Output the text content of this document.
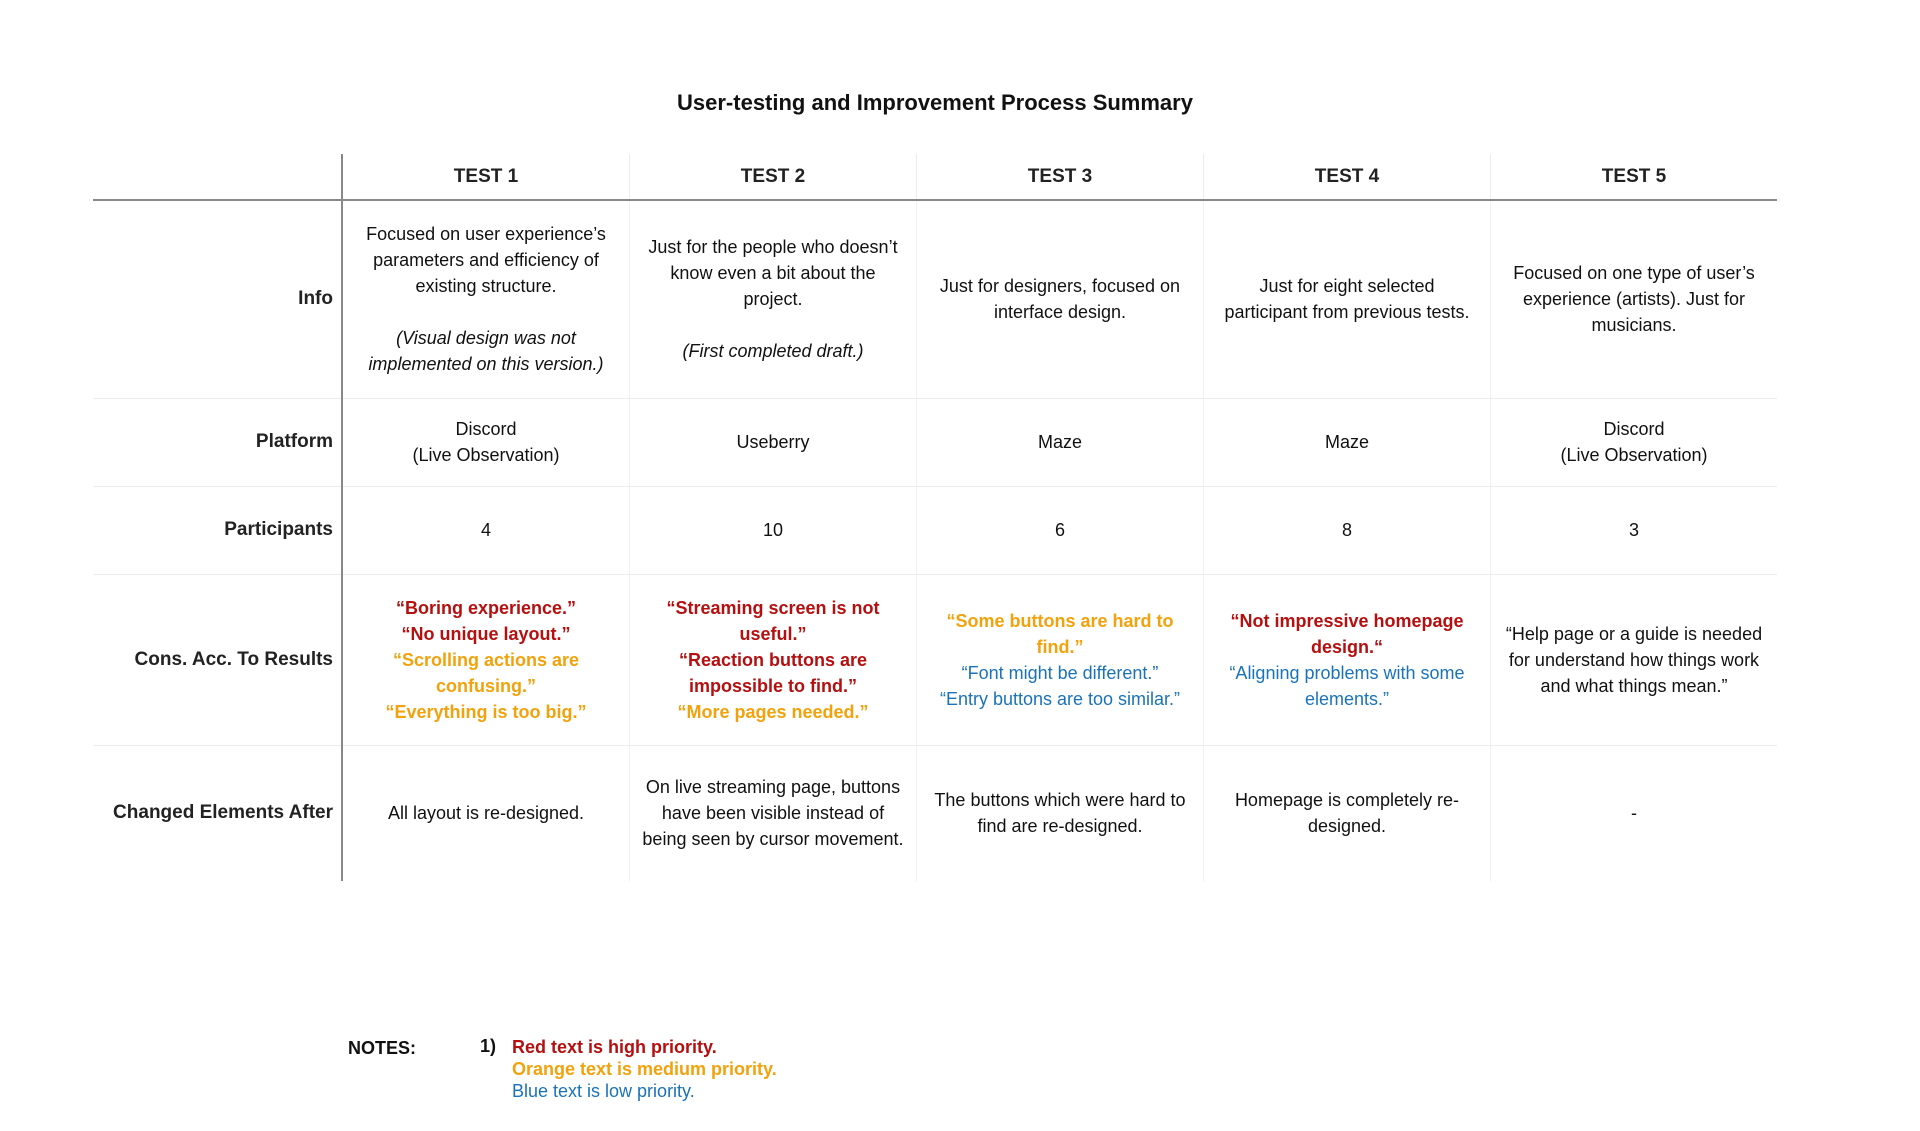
User-testing and Improvement Process Summary
	TEST 1	TEST 2	TEST 3	TEST 4	TEST 5
Info	Focused on user experience’s
parameters and efficiency of
existing structure.
(Visual design was not
implemented on this version.)	Just for the people who doesn’t
know even a bit about the
project.
(First completed draft.)	Just for designers, focused on
interface design.	Just for eight selected
participant from previous tests.	Focused on one type of user’s
experience (artists). Just for
musicians.

Platform	Discord
(Live Observation)	Useberry	Maze	Maze	Discord
(Live Observation)

Participants	4	10	6	8	3
Cons. Acc. To Results	“Boring experience.”
“No unique layout.”
“Scrolling actions are
confusing.”
“Everything is too big.”	“Streaming screen is not
useful.”
“Reaction buttons are
impossible to find.”
“More pages needed.”	“Some buttons are hard to
find.”
“Font might be different.”
“Entry buttons are too similar.”	“Not impressive homepage
design.“
“Aligning problems with some
elements.”	“Help page or a guide is needed
for understand how things work
and what things mean.”

Changed Elements After	All layout is re-designed.	On live streaming page, buttons
have been visible instead of
being seen by cursor movement.	The buttons which were hard to
find are re-designed.	Homepage is completely re-
designed.	-
NOTES:	1) Red text is high priority.
Orange text is medium priority.
Blue text is low priority.
